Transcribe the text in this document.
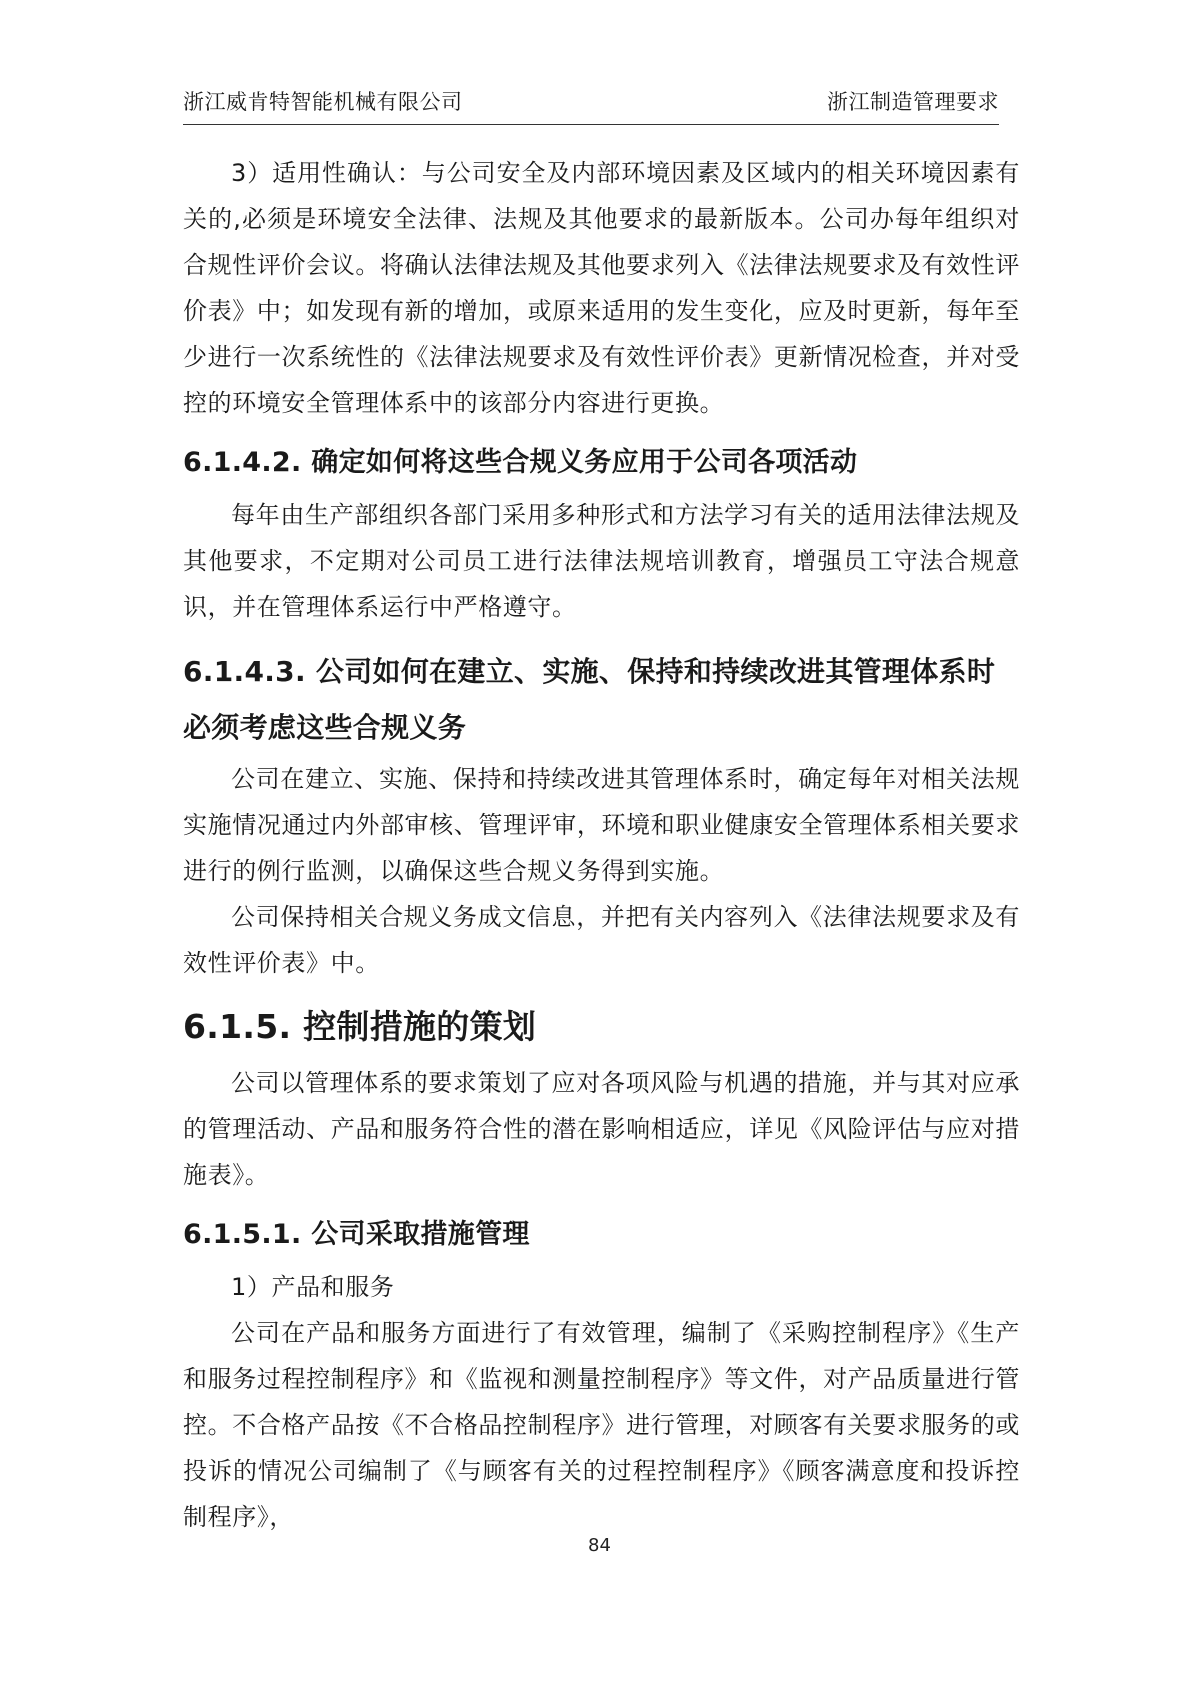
浙江威肯特智能机械有限公司	浙江制造管理要求

3）适用性确认：与公司安全及内部环境因素及区域内的相关环境因素有关的,必须是环境安全法律、法规及其他要求的最新版本。公司办每年组织对合规性评价会议。将确认法律法规及其他要求列入《法律法规要求及有效性评价表》中；如发现有新的增加，或原来适用的发生变化，应及时更新，每年至少进行一次系统性的《法律法规要求及有效性评价表》更新情况检查，并对受控的环境安全管理体系中的该部分内容进行更换。

6.1.4.2. 确定如何将这些合规义务应用于公司各项活动

每年由生产部组织各部门采用多种形式和方法学习有关的适用法律法规及其他要求，不定期对公司员工进行法律法规培训教育，增强员工守法合规意识，并在管理体系运行中严格遵守。

6.1.4.3. 公司如何在建立、实施、保持和持续改进其管理体系时必须考虑这些合规义务

公司在建立、实施、保持和持续改进其管理体系时，确定每年对相关法规实施情况通过内外部审核、管理评审，环境和职业健康安全管理体系相关要求进行的例行监测，以确保这些合规义务得到实施。

公司保持相关合规义务成文信息，并把有关内容列入《法律法规要求及有效性评价表》中。

6.1.5. 控制措施的策划

公司以管理体系的要求策划了应对各项风险与机遇的措施，并与其对应承的管理活动、产品和服务符合性的潜在影响相适应，详见《风险评估与应对措施表》。

6.1.5.1. 公司采取措施管理

1）产品和服务

公司在产品和服务方面进行了有效管理，编制了《采购控制程序》《生产和服务过程控制程序》和《监视和测量控制程序》等文件，对产品质量进行管控。不合格产品按《不合格品控制程序》进行管理，对顾客有关要求服务的或投诉的情况公司编制了《与顾客有关的过程控制程序》《顾客满意度和投诉控制程序》，

84
